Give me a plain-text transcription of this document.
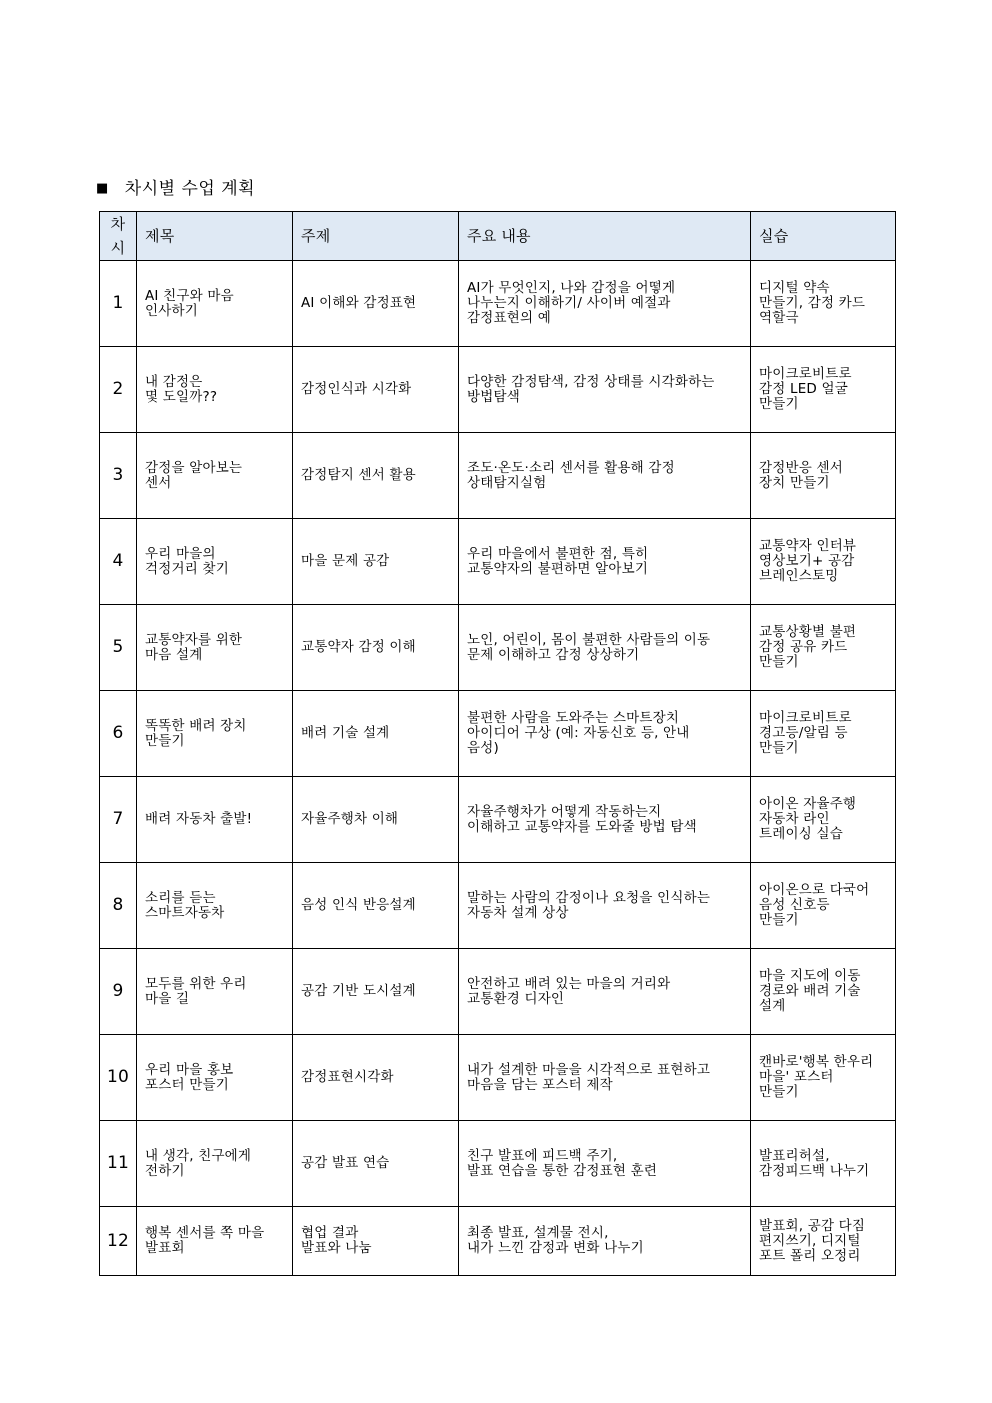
■ 차시별 수업 계획
차
시	제목	주제	주요 내용	실습
1	AI 친구와 마음
인사하기	AI 이해와 감정표현	AI가 무엇인지, 나와 감정을 어떻게
나누는지 이해하기/ 사이버 예절과
감정표현의 예	디지털 약속
만들기, 감정 카드
역할극
2	내 감정은
몇 도일까??	감정인식과 시각화	다양한 감정탐색, 감정 상태를 시각화하는
방법탐색	마이크로비트로
감정 LED 얼굴
만들기
3	감정을 알아보는
센서	감정탐지 센서 활용	조도·온도·소리 센서를 활용해 감정
상태탐지실험	감정반응 센서
장치 만들기
4	우리 마을의
걱정거리 찾기	마을 문제 공감	우리 마을에서 불편한 점, 특히
교통약자의 불편하면 알아보기	교통약자 인터뷰
영상보기+ 공감
브레인스토밍
5	교통약자를 위한
마음 설계	교통약자 감정 이해	노인, 어린이, 몸이 불편한 사람들의 이동
문제 이해하고 감정 상상하기	교통상황별 불편
감정 공유 카드
만들기
6	똑똑한 배려 장치
만들기	배려 기술 설계	불편한 사람을 도와주는 스마트장치
아이디어 구상 (예: 자동신호 등, 안내
음성)	마이크로비트로
경고등/알림 등
만들기
7	배려 자동차 출발!	자율주행차 이해	자율주행차가 어떻게 작동하는지
이해하고 교통약자를 도와줄 방법 탐색	아이온 자율주행
자동차 라인
트레이싱 실습
8	소리를 듣는
스마트자동차	음성 인식 반응설계	말하는 사람의 감정이나 요청을 인식하는
자동차 설계 상상	아이온으로 다국어
음성 신호등
만들기
9	모두를 위한 우리
마을 길	공감 기반 도시설계	안전하고 배려 있는 마을의 거리와
교통환경 디자인	마을 지도에 이동
경로와 배려 기술
설계
10	우리 마을 홍보
포스터 만들기	감정표현시각화	내가 설계한 마을을 시각적으로 표현하고
마음을 담는 포스터 제작	캔바로'행복 한우리
마을' 포스터
만들기
11	내 생각, 친구에게
전하기	공감 발표 연습	친구 발표에 피드백 주기,
발표 연습을 통한 감정표현 훈련	발표리허설,
감정피드백 나누기
12	행복 센서를 쪽 마을
발표회	협업 결과
발표와 나눔	최종 발표, 설계물 전시,
내가 느낀 감정과 변화 나누기	발표회, 공감 다짐
편지쓰기, 디지털
포트 폴리 오정리
